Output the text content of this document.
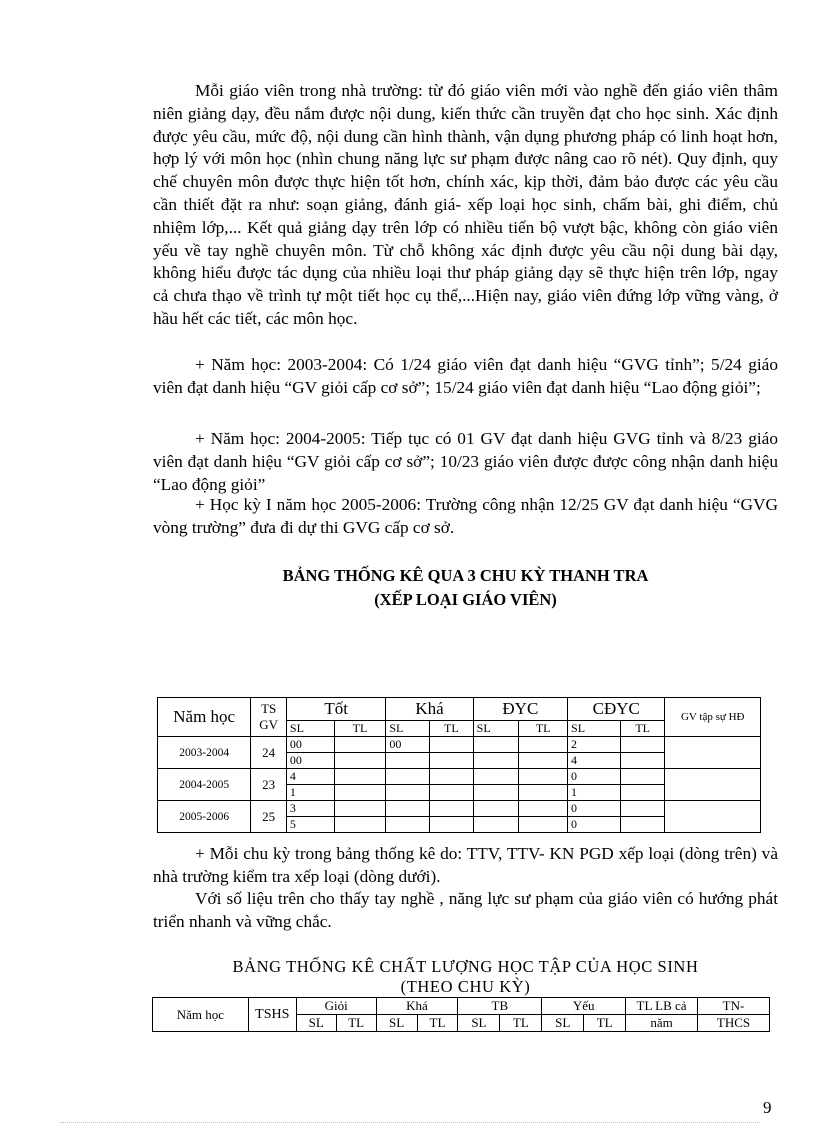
Mỗi giáo viên trong nhà trường: từ đó giáo viên mới vào nghề đến giáo viên thâm niên giảng dạy, đều nắm được nội dung, kiến thức cần truyền đạt cho học sinh. Xác định được yêu cầu, mức độ, nội dung cần hình thành, vận dụng phương pháp có linh hoạt hơn, hợp lý với môn học (nhìn chung năng lực sư phạm được nâng cao rõ nét). Quy định, quy chế chuyên môn được thực hiện tốt hơn, chính xác, kịp thời, đảm bảo được các yêu cầu cần thiết đặt ra như: soạn giảng, đánh giá- xếp loại học sinh, chấm bài, ghi điểm, chủ nhiệm lớp,... Kết quả giảng dạy trên lớp có nhiều tiến bộ vượt bậc, không còn giáo viên yếu về tay nghề chuyên môn. Từ chỗ không xác định được yêu cầu nội dung bài dạy, không hiểu được tác dụng của nhiều loại thư pháp giảng dạy sẽ thực hiện trên lớp, ngay cả chưa thạo về trình tự một tiết học cụ thể,...Hiện nay, giáo viên đứng lớp vững vàng, ở hầu hết các tiết, các môn học.

+ Năm học: 2003-2004: Có 1/24 giáo viên đạt danh hiệu “GVG tỉnh”; 5/24 giáo viên đạt danh hiệu “GV giỏi cấp cơ sở”; 15/24 giáo viên đạt danh hiệu “Lao động giỏi”;

+ Năm học: 2004-2005: Tiếp tục có 01 GV đạt danh hiệu GVG tỉnh và 8/23 giáo viên đạt danh hiệu “GV giỏi cấp cơ sở”; 10/23 giáo viên được được công nhận danh hiệu “Lao động giỏi”

+ Học kỳ I năm học 2005-2006: Trường công nhận 12/25 GV đạt danh hiệu “GVG vòng trường” đưa đi dự thi GVG cấp cơ sở.

BẢNG THỐNG KÊ QUA 3 CHU KỲ THANH TRA

(XẾP LOẠI GIÁO VIÊN)

Năm học	TS
GV	Tốt		Khá		ĐYC		CĐYC		GV tập sự HĐ
		SL	TL	SL	TL	SL	TL	SL	TL	
2003-2004	24	00		00				2		
		00						4		
2004-2005	23	4						0		
		1						1		
2005-2006	25	3						0		
		5						0		

+ Mỗi chu kỳ trong bảng thống kê do: TTV, TTV- KN PGD xếp loại (dòng trên) và nhà trường kiểm tra xếp loại (dòng dưới).

Với số liệu trên cho thấy tay nghề , năng lực sư phạm của giáo viên có hướng phát triển nhanh và vững chắc.

BẢNG THỐNG KÊ CHẤT LƯỢNG HỌC TẬP CỦA HỌC SINH

(THEO CHU KỲ)

Năm học	TSHS	Giỏi		Khá		TB		Yếu		TL LB cả	TN-
		SL	TL	SL	TL	SL	TL	SL	TL	năm	THCS
9
